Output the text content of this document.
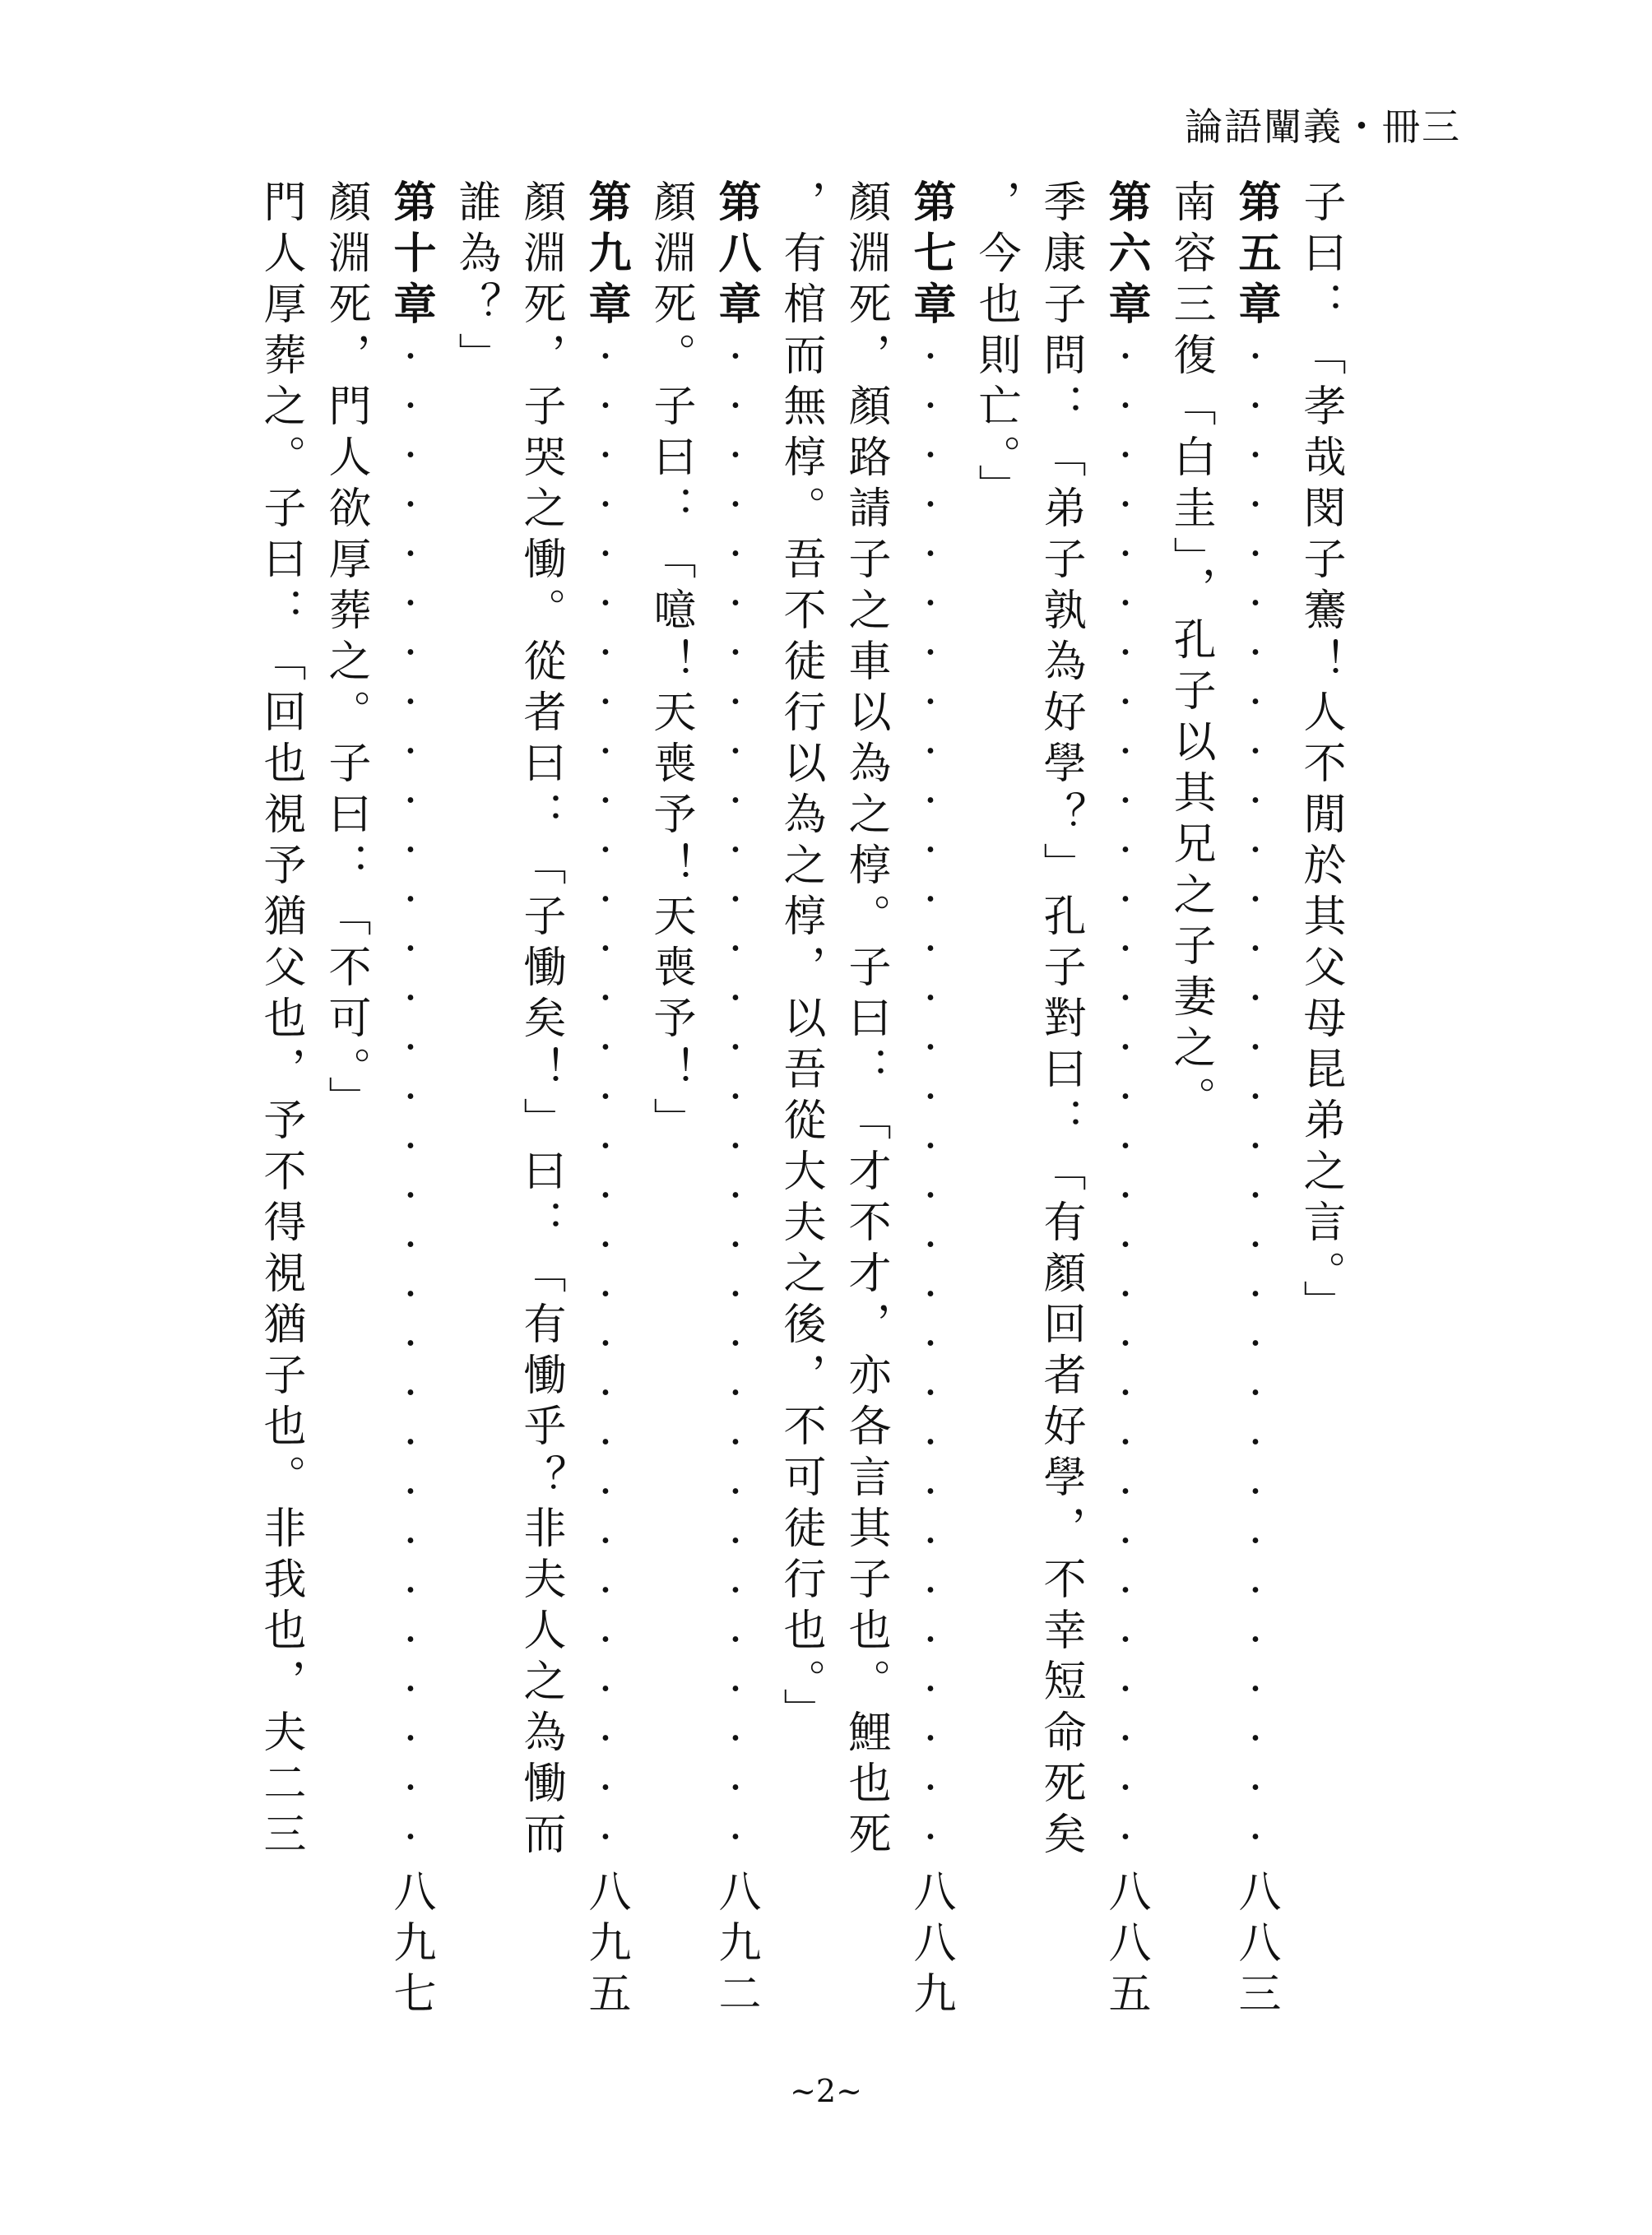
論語闡義・冊三
子曰：「孝哉閔子騫！人不閒於其父母昆弟之言。」
第五章
·····
八八三
南容三復「白圭」，孔子以其兄之子妻之。
第六章
·····
八八五
季康子問：「弟子孰為好學？」孔子對曰：「有顏回者好學，不幸短命死矣
，今也則亡。」
第七章
·····
八八九
顏淵死，顏路請子之車以為之椁。子曰：「才不才，亦各言其子也。鯉也死
，有棺而無椁。吾不徒行以為之椁，以吾從大夫之後，不可徒行也。」
第八章
·····
八九二
顏淵死。子曰：「噫！天喪予！天喪予！」
第九章
·····
八九五
顏淵死，子哭之慟。從者曰：「子慟矣！」曰：「有慟乎？非夫人之為慟而
誰為？」
第十章
·····
八九七
顏淵死，門人欲厚葬之。子曰：「不可。」
門人厚葬之。子曰：「回也視予猶父也，予不得視猶子也。非我也，夫二三
~2~
